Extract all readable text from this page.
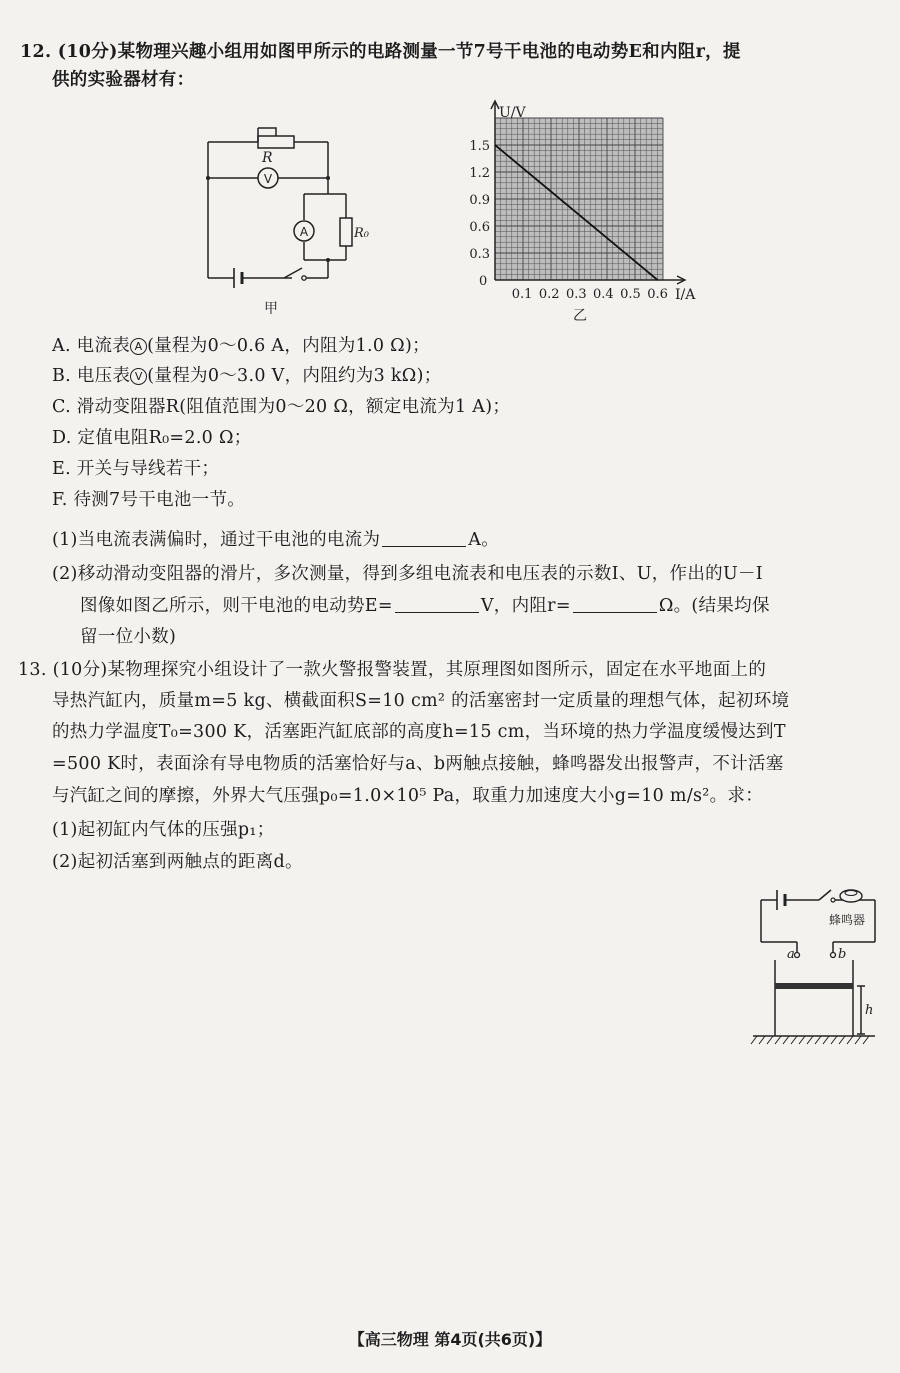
12. (10分)某物理兴趣小组用如图甲所示的电路测量一节7号干电池的电动势E和内阻r，提
供的实验器材有：
V
A
R
R₀
甲
0.1 0.2 0.3 0.4 0.5 0.6
0.3
0.6
0.9
1.2
1.5
U/V
I/A
0
乙
A. 电流表 A (量程为0～0.6 A，内阻为1.0 Ω)；
B. 电压表 V (量程为0～3.0 V，内阻约为3 kΩ)；
C. 滑动变阻器R(阻值范围为0～20 Ω，额定电流为1 A)；
D. 定值电阻R₀=2.0 Ω；
E. 开关与导线若干；
F. 待测7号干电池一节。
(1)当电流表满偏时，通过干电池的电流为	A。
(2)移动滑动变阻器的滑片，多次测量，得到多组电流表和电压表的示数I、U，作出的U－I
图像如图乙所示，则干电池的电动势E=	V，内阻r=	Ω。(结果均保
留一位小数)
13. (10分)某物理探究小组设计了一款火警报警装置，其原理图如图所示，固定在水平地面上的
导热汽缸内，质量m=5 kg、横截面积S=10 cm² 的活塞密封一定质量的理想气体，起初环境
的热力学温度T₀=300 K，活塞距汽缸底部的高度h=15 cm，当环境的热力学温度缓慢达到T
=500 K时，表面涂有导电物质的活塞恰好与a、b两触点接触，蜂鸣器发出报警声，不计活塞
与汽缸之间的摩擦，外界大气压强p₀=1.0×10⁵ Pa，取重力加速度大小g=10 m/s²。求：
(1)起初缸内气体的压强p₁；
(2)起初活塞到两触点的距离d。
蜂鸣器
a	b
h
【高三物理 第4页(共6页)】
